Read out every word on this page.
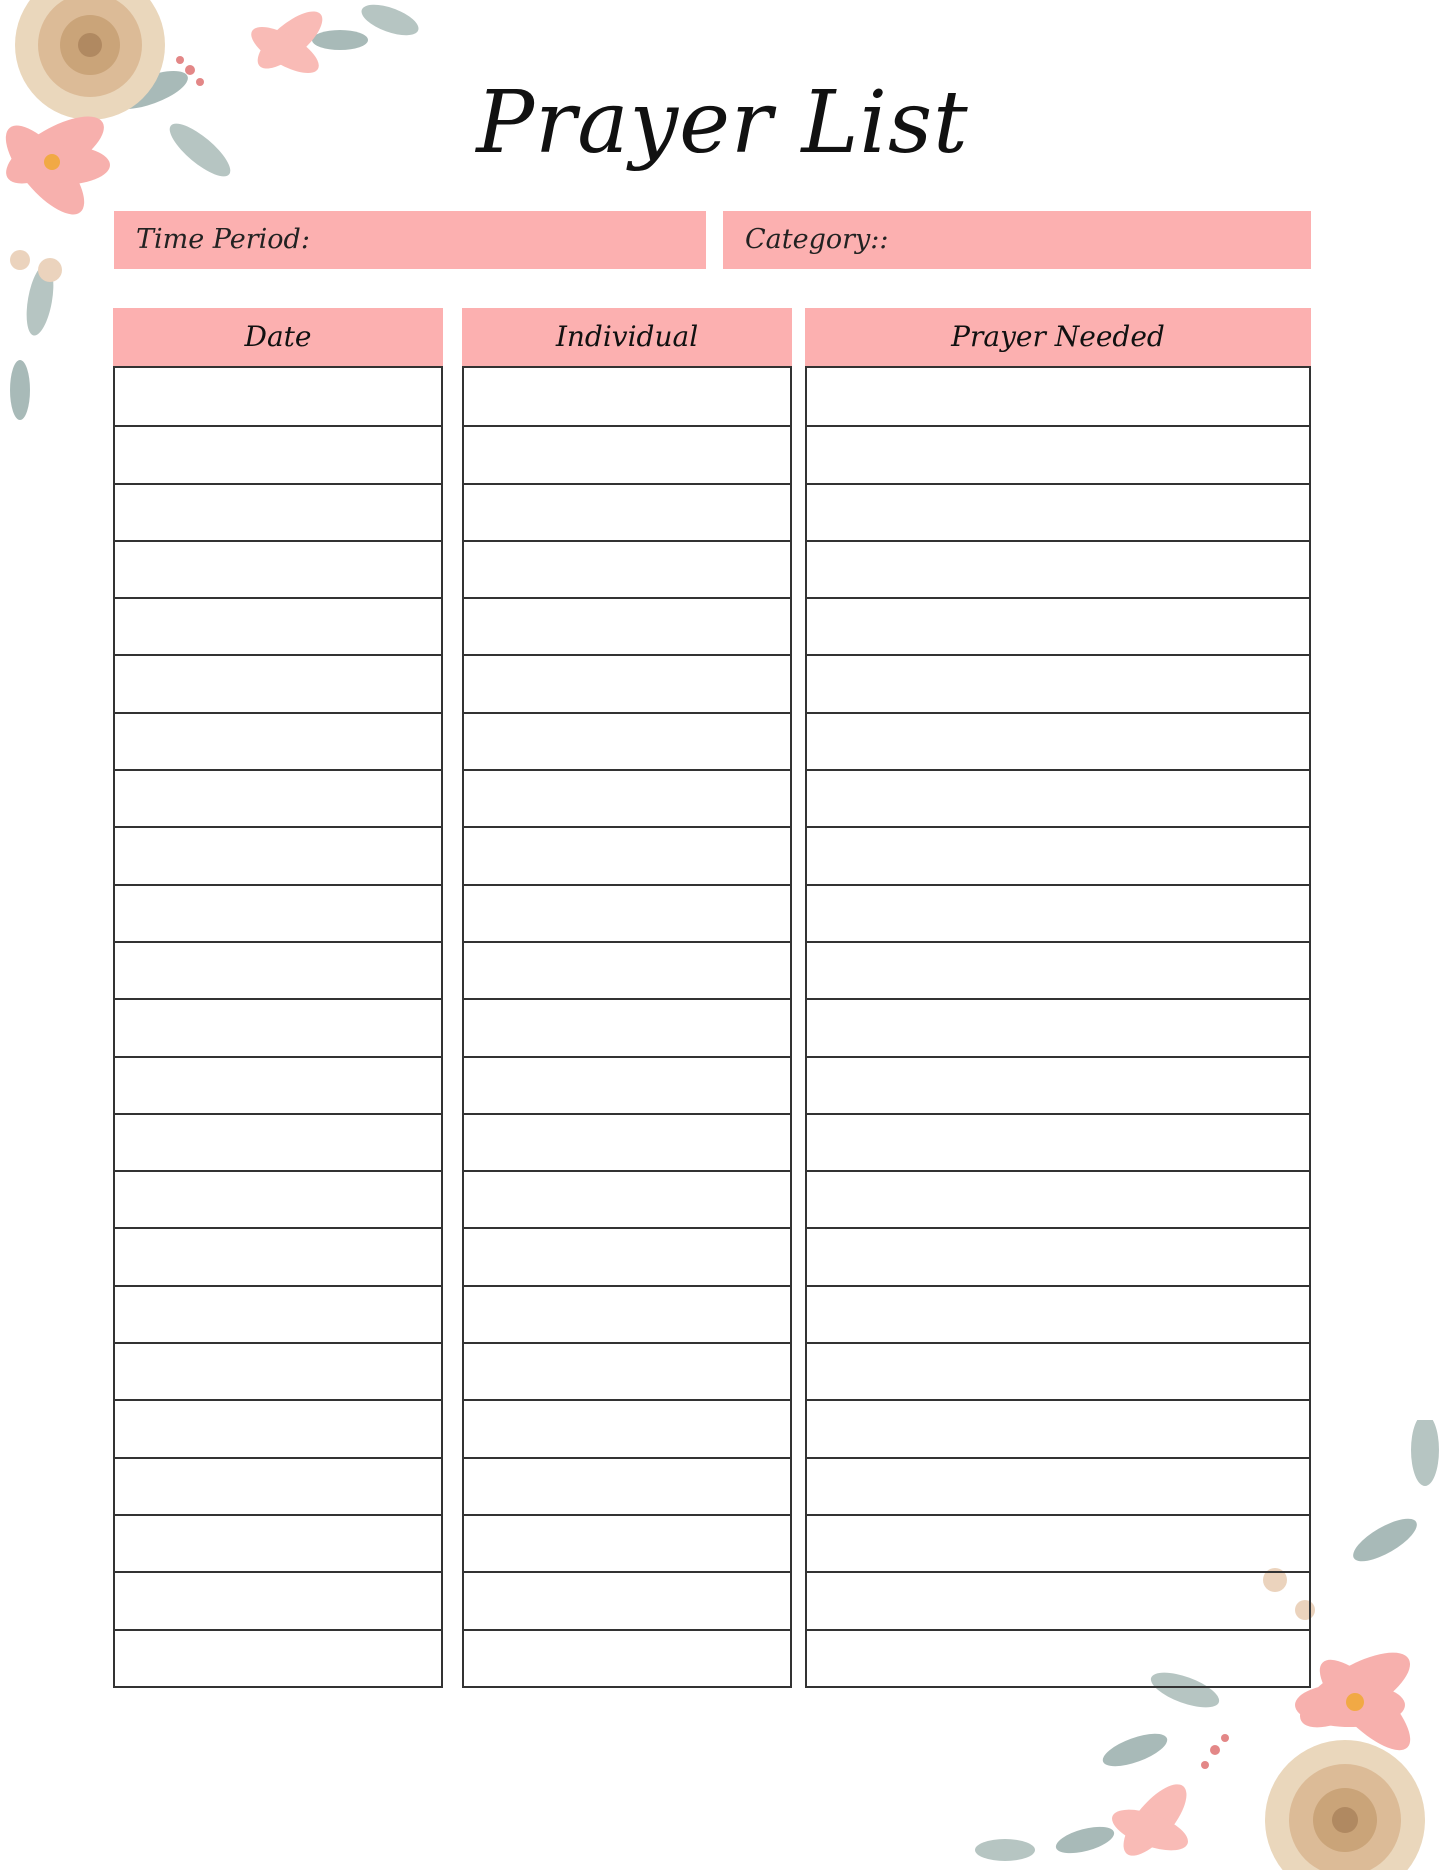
Prayer List
Time Period:	Category::
Date	Individual	Prayer Needed
